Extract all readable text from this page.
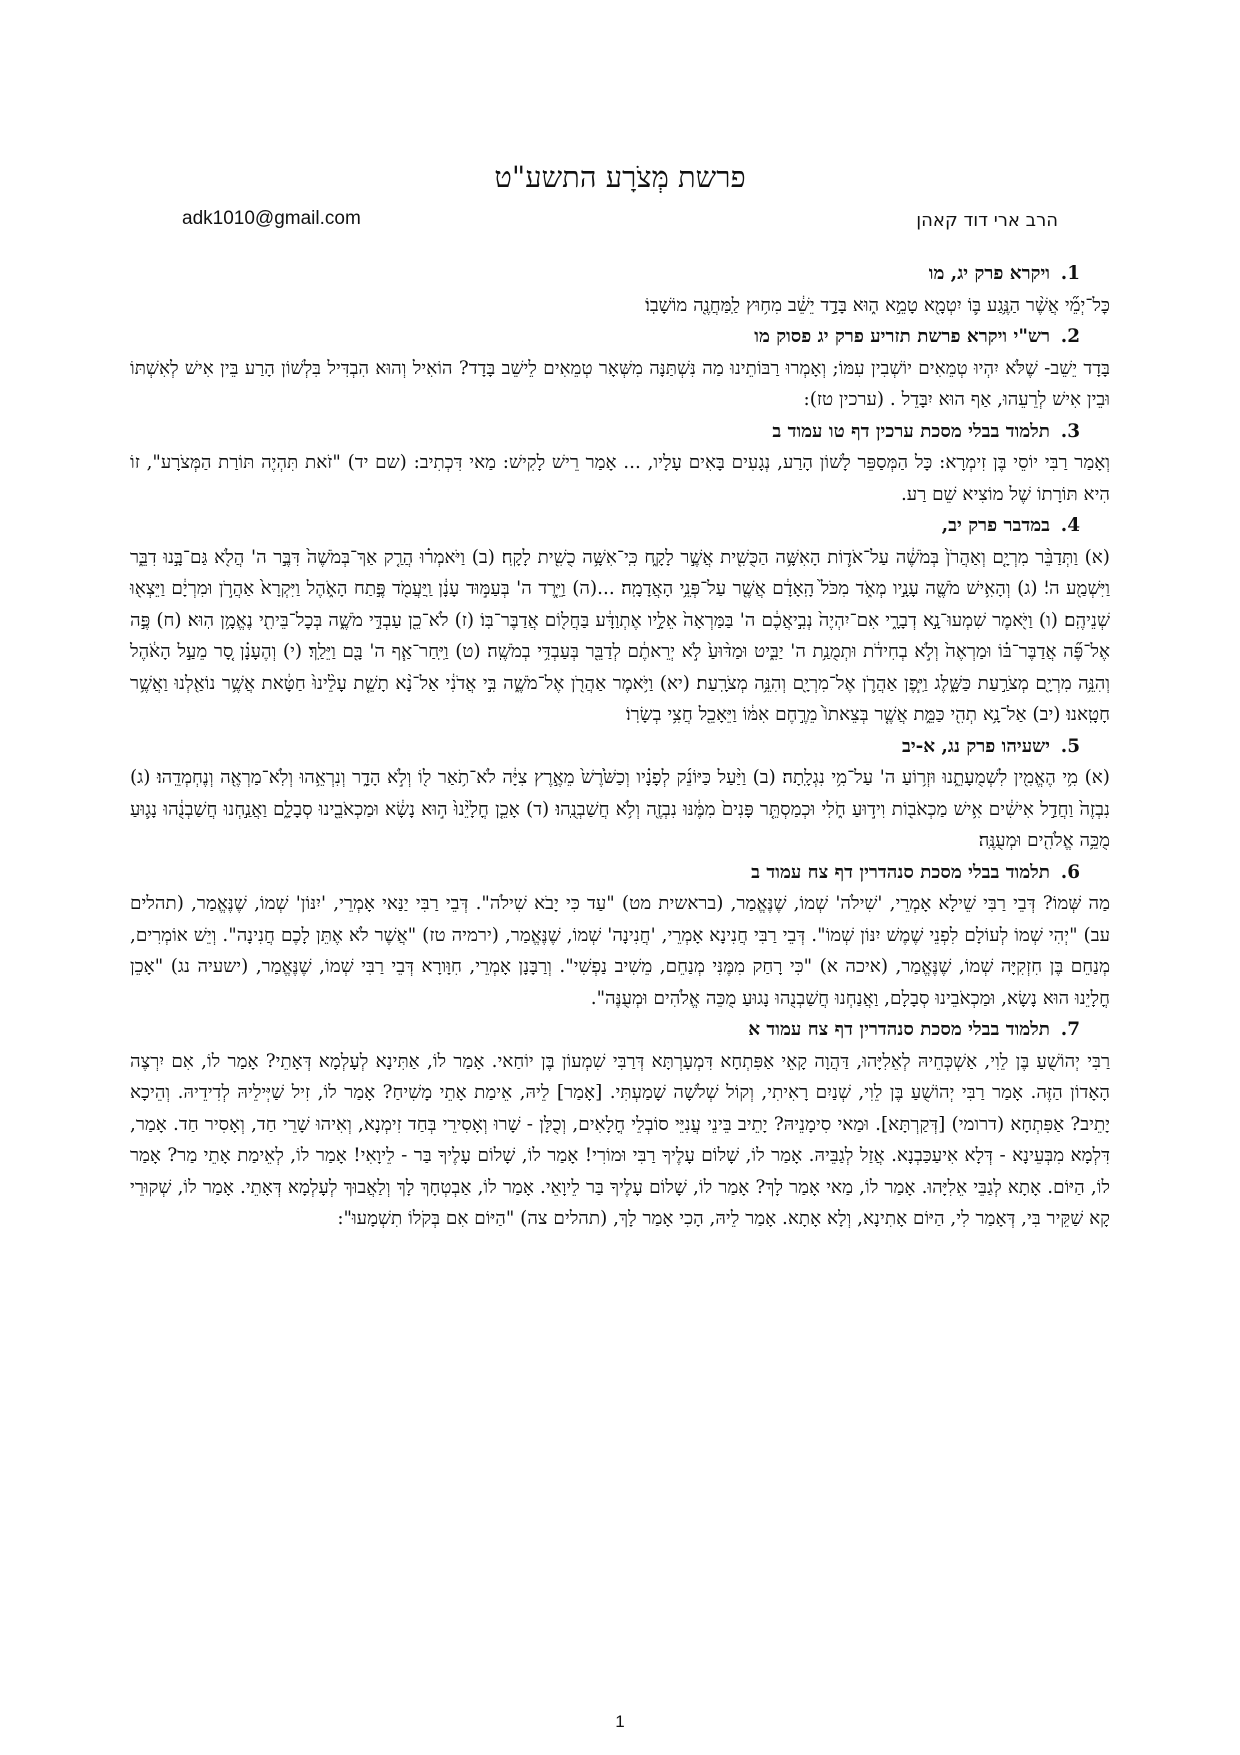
פרשת מְּצֹרָע התשע"ט
הרב ארי דוד קאהן
adk1010@gmail.com
1.
ויקרא פרק יג, מו
כׇּל־יְמֵ֞י אֲשֶׁ֨ר הַנֶּ֥גַע בּ֛וֹ יִטְמָ֖א טָמֵ֣א ה֑וּא בָּדָ֣ד יֵשֵׁ֔ב מִח֥וּץ לַֽמַּחֲנֶ֖ה מוֹשָׁבֽוֹ׃
2.
רש"י ויקרא פרשת תזריע פרק יג פסוק מו
בָּדָד יֵשֵׁב- שֶׁלֹּא יִהְיוּ טְמֵאִים יוֹשְׁבִין עִמּוֹ; וְאָמְרוּ רַבּוֹתֵינוּ מַה נִּשְׁתַּנָּה מִשְּׁאָר טְמֵאִים לֵישֵׁב בָּדָד? הוֹאִיל וְהוּא הִבְדִּיל בִּלְשׁוֹן הָרַע בֵּין אִישׁ לְאִשְׁתּוֹ וּבֵין אִישׁ לְרֵעֵהוּ, אַף הוּא יִבָּדֵל . (ערכין טז):
3.
תלמוד בבלי מסכת ערכין דף טו עמוד ב
וְאָמַר רַבִּי יוֹסֵי בֶּן זִימְרָא: כָּל הַמְּסַפֵּר לָשׁוֹן הָרַע, נְגָעִים בָּאִים עָלָיו, ... אָמַר רֵישׁ לָקִישׁ: מַאי דִּכְתִיב: (שם יד) "זֹאת תִּהְיֶה תּוֹרַת הַמְּצֹרָע", זוֹ הִיא תּוֹרָתוֹ שֶׁל מוֹצִיא שֵׁם רַע.
4.
במדבר פרק יב,
(א) וַתְּדַבֵּ֨ר מִרְיָ֤ם וְאַהֲרֹן֙ בְּמֹשֶׁ֔ה עַל־אֹד֛וֹת הָאִשָּׁ֥ה הַכֻּשִׁ֖ית אֲשֶׁ֣ר לָקָ֑ח כִּֽי־אִשָּׁ֥ה כֻשִׁ֖ית לָקָֽח׃ (ב) וַיֹּאמְר֗וּ הֲרַ֤ק אַךְ־בְּמֹשֶׁה֙ דִּבֶּ֣ר ה' הֲלֹ֖א גַּם־בָּ֣נוּ דִבֵּ֑ר וַיִּשְׁמַ֖ע ה'׃ (ג) וְהָאִ֥ישׁ מֹשֶׁ֖ה עָנָ֣יו מְאֹ֑ד מִכֹּל֙ הָֽאָדָ֔ם אֲשֶׁ֖ר עַל־פְּנֵ֥י הָאֲדָמָֽה׃ ...(ה) וַיֵּ֤רֶד ה' בְּעַמּ֣וּד עָנָ֔ן וַֽיַּעֲמֹ֖ד פֶּ֣תַח הָאֹ֑הֶל וַיִּקְרָא֙ אַהֲרֹ֣ן וּמִרְיָ֔ם וַיֵּצְא֖וּ שְׁנֵיהֶֽם׃ (ו) וַיֹּ֖אמֶר שִׁמְעוּ־נָ֣א דְבָרָ֑י אִם־יִהְיֶה֙ נְבִ֣יאֲכֶ֔ם ה' בַּמַּרְאָה֙ אֵלָ֣יו אֶתְוַדָּ֔ע בַּחֲל֖וֹם אֲדַבֶּר־בּֽוֹ׃ (ז) לֹא־כֵ֖ן עַבְדִּ֣י מֹשֶׁ֑ה בְּכׇל־בֵּיתִ֖י נֶאֱמָ֥ן הֽוּא׃ (ח) פֶּ֣ה אֶל־פֶּ֞ה אֲדַבֶּר־בּ֗וֹ וּמַרְאֶה֙ וְלֹ֣א בְחִידֹ֔ת וּתְמֻנַ֥ת ה' יַבִּ֑יט וּמַדּ֨וּעַ֙ לֹ֣א יְרֵאתֶ֔ם לְדַבֵּ֖ר בְּעַבְדִּ֥י בְמֹשֶֽׁה׃ (ט) וַיִּֽחַר־אַ֧ף ה' בָּ֖ם וַיֵּלַֽךְ׃ (י) וְהֶעָנָ֗ן סָ֚ר מֵעַ֣ל הָאֹ֔הֶל וְהִנֵּ֥ה מִרְיָ֖ם מְצֹרַ֣עַת כַּשָּׁ֑לֶג וַיִּ֧פֶן אַהֲרֹ֛ן אֶל־מִרְיָ֖ם וְהִנֵּ֥ה מְצֹרָֽעַת׃ (יא) וַיֹּ֥אמֶר אַהֲרֹ֖ן אֶל־מֹשֶׁ֑ה בִּ֣י אֲדֹנִ֔י אַל־נָ֨א תָשֵׁ֤ת עָלֵ֨ינוּ֙ חַטָּ֔את אֲשֶׁ֥ר נוֹאַ֖לְנוּ וַאֲשֶׁ֥ר חָטָֽאנוּ׃ (יב) אַל־נָ֥א תְהִ֖י כַּמֵּ֑ת אֲשֶׁ֤ר בְּצֵאתוֹ֙ מֵרֶ֣חֶם אִמּ֔וֹ וַיֵּאָכֵ֖ל חֲצִ֥י בְשָׂרֽוֹ׃
5.
ישעיהו פרק נג, א-יב
(א) מִ֥י הֶאֱמִ֖ין לִשְׁמֻעָתֵ֑נוּ וּזְר֥וֹעַ ה' עַל־מִ֥י נִגְלָֽתָה׃ (ב) וַיַּ֨עַל כַּיּוֹנֵ֜ק לְפָנָ֗יו וְכַשֹּׁ֙רֶשׁ֙ מֵאֶ֣רֶץ צִיָּ֔ה לֹא־תֹ֥אַר ל֖וֹ וְלֹ֣א הָדָ֑ר וְנִרְאֵ֥הוּ וְלֹֽא־מַרְאֶ֖ה וְנֶחְמְדֵֽהוּ׃ (ג) נִבְזֶה֙ וַחֲדַ֣ל אִישִׁ֔ים אִ֥ישׁ מַכְאֹב֖וֹת וִיד֣וּעַ חֹ֑לִי וּכְמַסְתֵּ֤ר פָּנִים֙ מִמֶּ֔נּוּ נִבְזֶ֖ה וְלֹ֥א חֲשַׁבְנֻֽהוּ׃ (ד) אָכֵ֤ן חֳלָיֵ֨נוּ֙ ה֣וּא נָשָׂ֔א וּמַכְאֹבֵ֖ינוּ סְבָלָ֑ם וַאֲנַ֣חְנוּ חֲשַׁבְנֻ֔הוּ נָג֛וּעַ מֻכֵּ֥ה אֱלֹהִ֖ים וּמְעֻנֶּֽה׃
6.
תלמוד בבלי מסכת סנהדרין דף צח עמוד ב
מַה שְּׁמוֹ? דְּבֵי רַבִּי שֵׁילָא אָמְרֵי, 'שִׁילֹה' שְׁמוֹ, שֶׁנֶּאֱמַר, (בראשית מט) "עַד כִּי יָבֹא שִׁילֹה". דְּבֵי רַבִּי יַנַּאי אָמְרֵי, 'יִנּוֹן' שְׁמוֹ, שֶׁנֶּאֱמַר, (תהלים עב) "יְהִי שְׁמוֹ לְעוֹלָם לִפְנֵי שֶׁמֶשׁ יִנּוֹן שְׁמוֹ". דְּבֵי רַבִּי חֲנִינָא אָמְרֵי, 'חֲנִינָה' שְׁמוֹ, שֶׁנֶּאֱמַר, (ירמיה טז) "אֲשֶׁר לֹא אֶתֵּן לָכֶם חֲנִינָה". וְיֵשׁ אוֹמְרִים, מְנַחֵם בֶּן חִזְקִיָּה שְׁמוֹ, שֶׁנֶּאֱמַר, (איכה א) "כִּי רָחַק מִמֶּנִּי מְנַחֵם, מֵשִׁיב נַפְשִׁי". וְרַבָּנָן אָמְרֵי, חִוָּורָא דְּבֵי רַבִּי שְׁמוֹ, שֶׁנֶּאֱמַר, (ישעיה נג) "אָכֵן חֳלָיֵנוּ הוּא נָשָׂא, וּמַכְאֹבֵינוּ סְבָלָם, וַאֲנַחְנוּ חֲשַׁבְנֻהוּ נָגוּעַ מֻכֵּה אֱלֹהִים וּמְעֻנֶּה".
7.
תלמוד בבלי מסכת סנהדרין דף צח עמוד א
רַבִּי יְהוֹשֻׁעַ בֶּן לֵוִי, אַשְׁכְּחֵיהּ לְאֵלִיָּהוּ, דַּהֲוָה קָאֵי אַפִּתְחָא דִּמְעָרְתָּא דְּרַבִּי שִׁמְעוֹן בֶּן יוֹחַאי. אָמַר לוֹ, אַתִּינָא לְעָלְמָא דְּאָתֵי? אָמַר לוֹ, אִם יִרְצֶה הָאָדוֹן הַזֶּה. אָמַר רַבִּי יְהוֹשֻׁעַ בֶּן לֵוִי, שְׁנַיִם רָאִיתִי, וְקוֹל שְׁלֹשָׁה שָׁמַעְתִּי. [אָמַר] לֵיהּ, אֵימַת אָתֵי מָשִׁיחַ? אָמַר לוֹ, זִיל שַׁיְּילֵיהּ לְדִידֵיהּ. וְהֵיכָא יָתֵיב? אַפִּתְחָא (דרומי) [דְּקַרְתָּא]. וּמַאי סִימָנֵיהּ? יָתֵיב בֵּינֵי עֲנִיֵּי סוֹבְלֵי חֳלָאִים, וְכֻלָּן - שָׁרוּ וְאָסִירֵי בְּחַד זִימְנָא, וְאִיהוּ שָׁרֵי חַד, וְאָסִיר חַד. אָמַר, דִּלְמָא מִבְּעֵינָא - דְּלָא אִיעַכַּבְנָא. אֲזַל לְגַבֵּיהּ. אָמַר לוֹ, שָׁלוֹם עָלֶיךָ רַבִּי וּמוֹרִי! אָמַר לוֹ, שָׁלוֹם עָלֶיךָ בַּר - לֵיוָאִי! אָמַר לוֹ, לְאֵימַת אָתֵי מַר? אָמַר לוֹ, הַיּוֹם. אָתָא לְגַבֵּי אֵלִיָּהוּ. אָמַר לוֹ, מַאי אָמַר לָךְ? אָמַר לוֹ, שָׁלוֹם עָלֶיךָ בַּר לֵיוָאֵי. אָמַר לוֹ, אַבְטְחָךְ לָךְ וְלַאֲבוּךְ לְעָלְמָא דְּאָתֵי. אָמַר לוֹ, שְׁקוּרֵי קָא שַׁקֵּיר בִּי, דְּאָמַר לִי, הַיּוֹם אָתִינָא, וְלָא אָתָא. אָמַר לֵיהּ, הָכִי אָמַר לָךְ, (תהלים צה) "הַיּוֹם אִם בְּקֹלוֹ תִשְׁמָעוּ":
1
